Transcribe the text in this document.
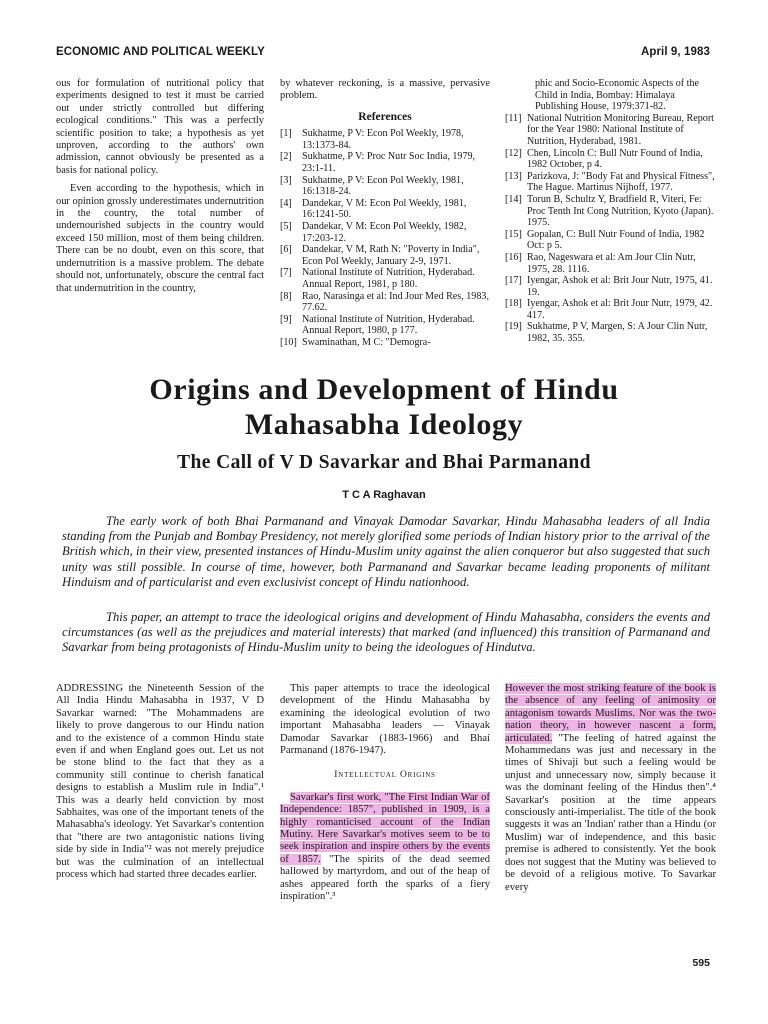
ECONOMIC AND POLITICAL WEEKLY	April 9, 1983

ous for formulation of nutritional policy that experiments designed to test it must be carried out under strictly controlled but differing ecological conditions." This was a perfectly scientific position to take; a hypothesis as yet unproven, according to the authors' own admission, cannot obviously be presented as a basis for national policy.

Even according to the hypothesis, which in our opinion grossly underestimates undernutrition in the country, the total number of undernourished subjects in the country would exceed 150 million, most of them being children. There can be no doubt, even on this score, that undernutrition is a massive problem. The debate should not, unfortunately, obscure the central fact that undernutrition in the country,

by whatever reckoning, is a massive, pervasive problem.

References
[1]	Sukhatme, P V: Econ Pol Weekly, 1978, 13:1373-84.
[2]	Sukhatme, P V: Proc Nutr Soc India, 1979, 23:1-11.
[3]	Sukhatme, P V: Econ Pol Weekly, 1981, 16:1318-24.
[4]	Dandekar, V M: Econ Pol Weekly, 1981, 16:1241-50.
[5]	Dandekar, V M: Econ Pol Weekly, 1982, 17:203-12.
[6]	Dandekar, V M, Rath N: "Poverty in India", Econ Pol Weekly, January 2-9, 1971.
[7]	National Institute of Nutrition, Hyderabad. Annual Report, 1981, p 180.
[8]	Rao, Narasinga et al: Ind Jour Med Res, 1983, 77.62.
[9]	National Institute of Nutrition, Hyderabad. Annual Report, 1980, p 177.
[10] Swaminathan, M C: "Demogra-

phic and Socio-Economic Aspects of the Child in India, Bombay: Himalaya Publishing House, 1979:371-82.

[11] National Nutrition Monitoring Bureau, Report for the Year 1980: National Institute of Nutrition, Hyderabad, 1981.
[12] Chen, Lincoln C: Bull Nutr Found of India, 1982 October, p 4.
[13] Parizkova, J: "Body Fat and Physical Fitness", The Hague. Martinus Nijhoff, 1977.
[14] Torun B, Schultz Y, Bradfield R, Viteri, Fe: Proc Tenth Int Cong Nutrition, Kyoto (Japan). 1975.
[15] Gopalan, C: Bull Nutr Found of India, 1982 Oct: p 5.
[16] Rao, Nageswara et al: Am Jour Clin Nutr, 1975, 28. 1116.
[17] Iyengar, Ashok et al: Brit Jour Nutr, 1975, 41. 19.
[18] Iyengar, Ashok et al: Brit Jour Nutr, 1979, 42. 417.
[19] Sukhatme, P V, Margen, S: A Jour Clin Nutr, 1982, 35. 355.
Origins and Development of Hindu
Mahasabha Ideology
The Call of V D Savarkar and Bhai Parmanand
T C A Raghavan
The early work of both Bhai Parmanand and Vinayak Damodar Savarkar, Hindu Mahasabha leaders of all India standing from the Punjab and Bombay Presidency, not merely glorified some periods of Indian history prior to the arrival of the British which, in their view, presented instances of Hindu-Muslim unity against the alien conqueror but also suggested that such unity was still possible. In course of time, however, both Parmanand and Savarkar became leading proponents of militant Hinduism and of particularist and even exclusivist concept of Hindu nationhood.
This paper, an attempt to trace the ideological origins and development of Hindu Mahasabha, considers the events and circumstances (as well as the prejudices and material interests) that marked (and influenced) this transition of Parmanand and Savarkar from being protagonists of Hindu-Muslim unity to being the ideologues of Hindutva.

ADDRESSING the Nineteenth Session of the All India Hindu Mahasabha in 1937, V D Savarkar warned: "The Mohammadens are likely to prove dangerous to our Hindu nation and to the existence of a common Hindu state even if and when England goes out. Let us not be stone blind to the fact that they as a community still continue to cherish fanatical designs to establish a Muslim rule in India".¹ This was a dearly held conviction by most Sabhaites, was one of the important tenets of the Mahasabha's ideology. Yet Savarkar's contention that "there are two antagonistic nations living side by side in India"² was not merely prejudice but was the culmination of an intellectual process which had started three decades earlier.

This paper attempts to trace the ideological development of the Hindu Mahasabha by examining the ideological evolution of two important Mahasabha leaders — Vinayak Damodar Savarkar (1883-1966) and Bhai Parmanand (1876-1947).

Intellectual Origins

Savarkar's first work, "The First Indian War of Independence: 1857", published in 1909, is a highly romanticised account of the Indian Mutiny. Here Savarkar's motives seem to be to seek inspiration and inspire others by the events of 1857. "The spirits of the dead seemed hallowed by martyrdom, and out of the heap of ashes appeared forth the sparks of a fiery inspiration".³

However the most striking feature of the book is the absence of any feeling of animosity or antagonism towards Muslims. Nor was the two-nation theory, in however nascent a form, articulated. "The feeling of hatred against the Mohammedans was just and necessary in the times of Shivaji but such a feeling would be unjust and unnecessary now, simply because it was the dominant feeling of the Hindus then".⁴ Savarkar's position at the time appears consciously anti-imperialist. The title of the book suggests it was an 'Indian' rather than a Hindu (or Muslim) war of independence, and this basic premise is adhered to consistently. Yet the book does not suggest that the Mutiny was believed to be devoid of a religious motive. To Savarkar every

595
